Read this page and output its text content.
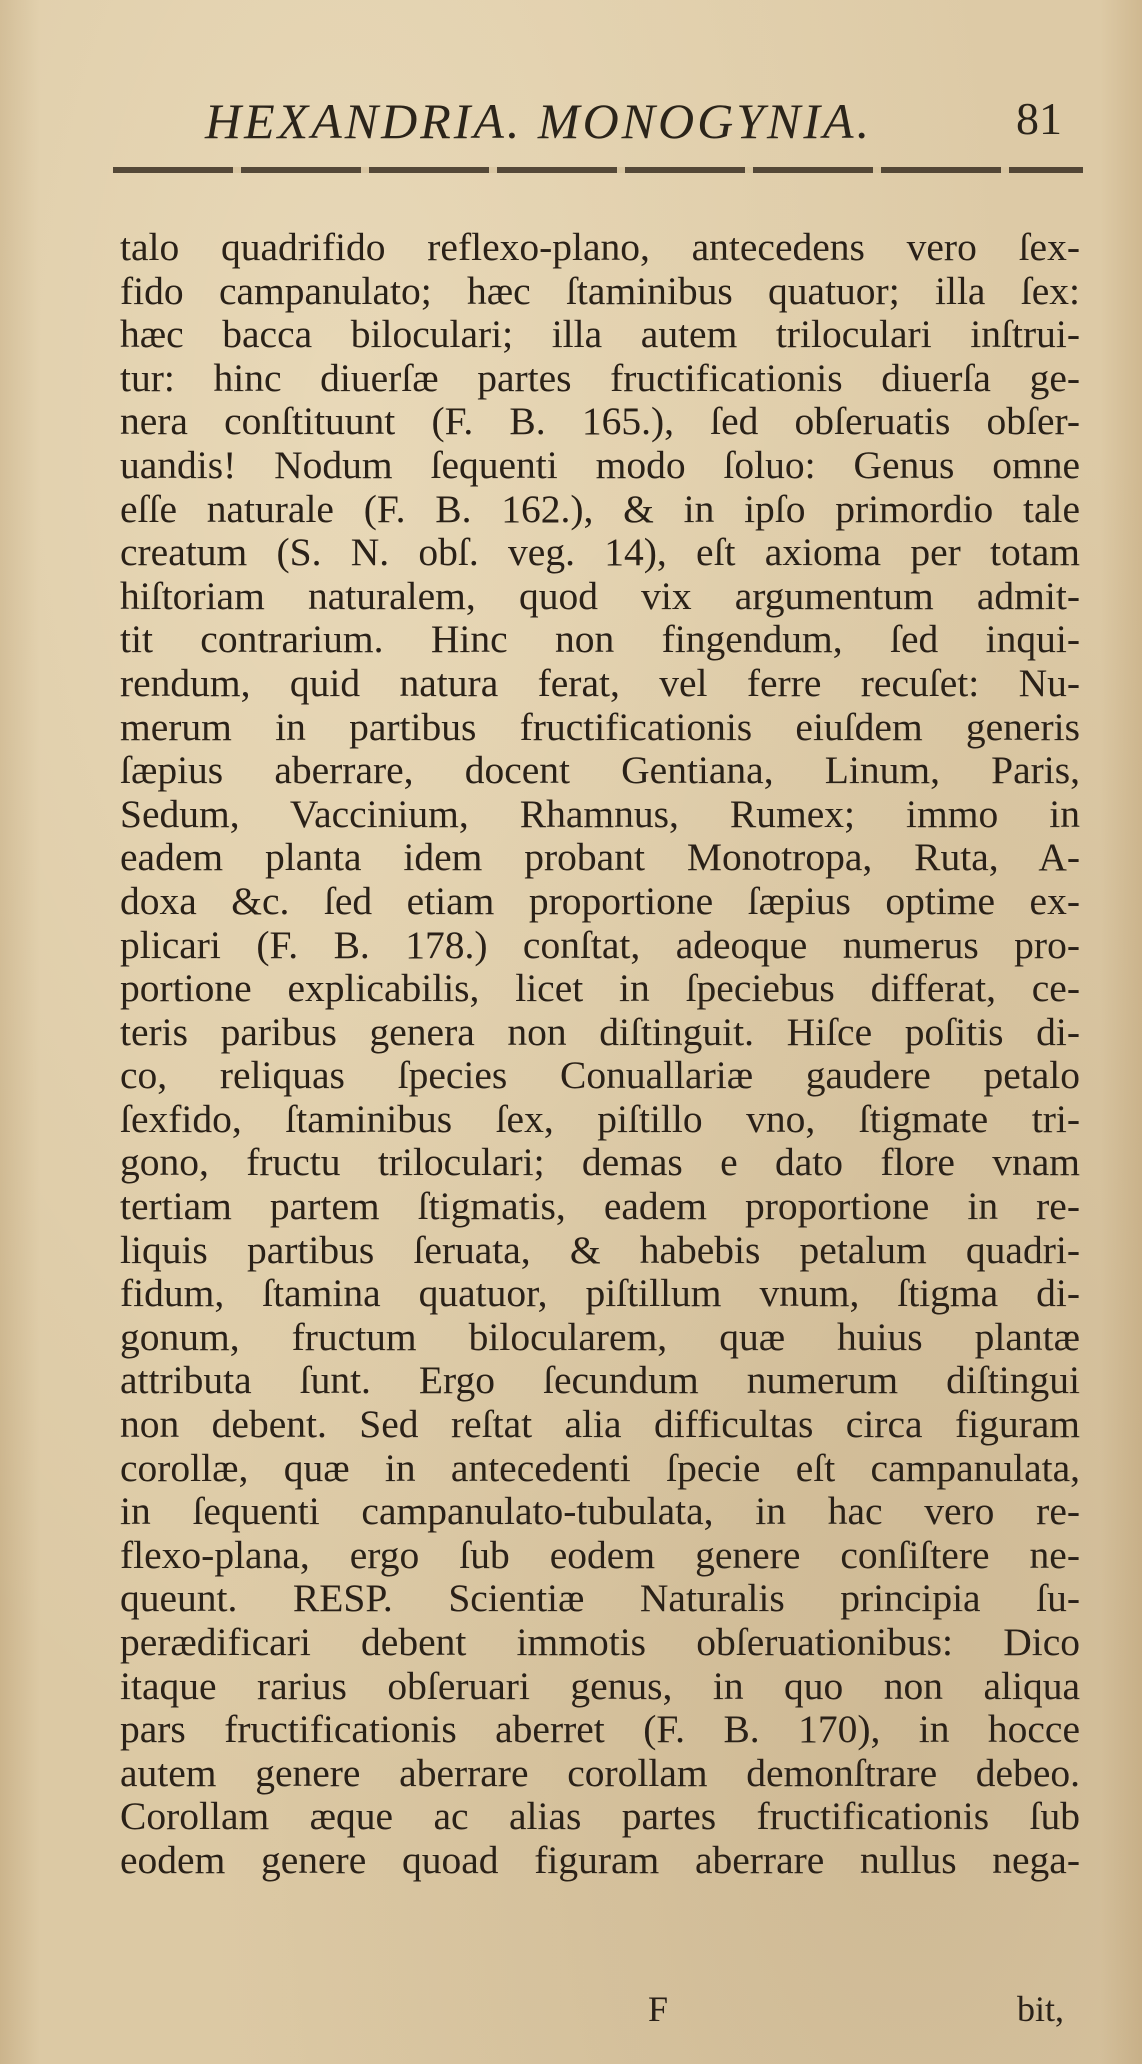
HEXANDRIA. MONOGYNIA.	81
talo quadrifido reflexo-plano, antecedens vero ſex-
fido campanulato; hæc ſtaminibus quatuor; illa ſex:
hæc bacca biloculari; illa autem triloculari inſtrui-
tur: hinc diuerſæ partes fructificationis diuerſa ge-
nera conſtituunt (F. B. 165.), ſed obſeruatis obſer-
uandis! Nodum ſequenti modo ſoluo: Genus omne
eſſe naturale (F. B. 162.), & in ipſo primordio tale
creatum (S. N. obſ. veg. 14), eſt axioma per totam
hiſtoriam naturalem, quod vix argumentum admit-
tit contrarium. Hinc non fingendum, ſed inqui-
rendum, quid natura ferat, vel ferre recuſet: Nu-
merum in partibus fructificationis eiuſdem generis
ſæpius aberrare, docent Gentiana, Linum, Paris,
Sedum, Vaccinium, Rhamnus, Rumex; immo in
eadem planta idem probant Monotropa, Ruta, A-
doxa &c. ſed etiam proportione ſæpius optime ex-
plicari (F. B. 178.) conſtat, adeoque numerus pro-
portione explicabilis, licet in ſpeciebus differat, ce-
teris paribus genera non diſtinguit. Hiſce poſitis di-
co, reliquas ſpecies Conuallariæ gaudere petalo
ſexfido, ſtaminibus ſex, piſtillo vno, ſtigmate tri-
gono, fructu triloculari; demas e dato flore vnam
tertiam partem ſtigmatis, eadem proportione in re-
liquis partibus ſeruata, & habebis petalum quadri-
fidum, ſtamina quatuor, piſtillum vnum, ſtigma di-
gonum, fructum bilocularem, quæ huius plantæ
attributa ſunt. Ergo ſecundum numerum diſtingui
non debent. Sed reſtat alia difficultas circa figuram
corollæ, quæ in antecedenti ſpecie eſt campanulata,
in ſequenti campanulato-tubulata, in hac vero re-
flexo-plana, ergo ſub eodem genere conſiſtere ne-
queunt. RESP. Scientiæ Naturalis principia ſu-
perædificari debent immotis obſeruationibus: Dico
itaque rarius obſeruari genus, in quo non aliqua
pars fructificationis aberret (F. B. 170), in hocce
autem genere aberrare corollam demonſtrare debeo.
Corollam æque ac alias partes fructificationis ſub
eodem genere quoad figuram aberrare nullus nega-
F	bit,
